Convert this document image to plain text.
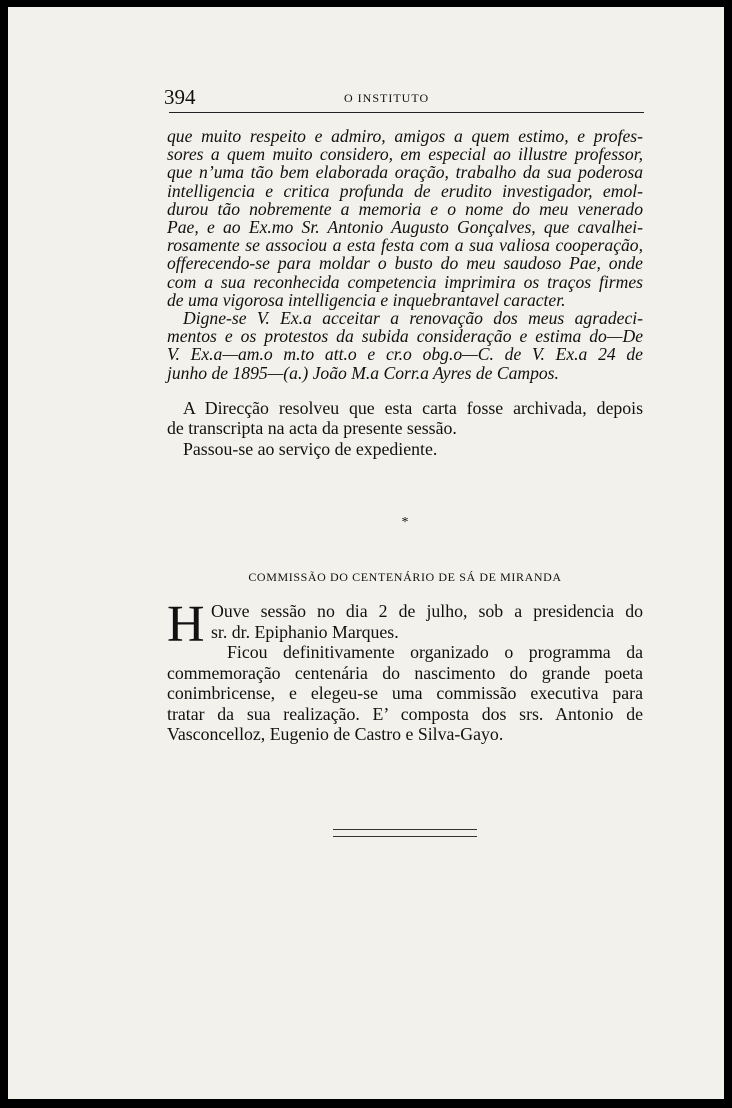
394	O INSTITUTO
que muito respeito e admiro, amigos a quem estimo, e profes-
sores a quem muito considero, em especial ao illustre professor,
que n’uma tão bem elaborada oração, trabalho da sua poderosa
intelligencia e critica profunda de erudito investigador, emol-
durou tão nobremente a memoria e o nome do meu venerado
Pae, e ao Ex.mo Sr. Antonio Augusto Gonçalves, que cavalhei-
rosamente se associou a esta festa com a sua valiosa cooperação,
offerecendo-se para moldar o busto do meu saudoso Pae, onde
com a sua reconhecida competencia imprimira os traços firmes
de uma vigorosa intelligencia e inquebrantavel caracter.
Digne-se V. Ex.a acceitar a renovação dos meus agradeci-
mentos e os protestos da subida consideração e estima do—De
V. Ex.a—am.o m.to att.o e cr.o obg.o—C. de V. Ex.a 24 de
junho de 1895—(a.) João M.a Corr.a Ayres de Campos.
A Direcção resolveu que esta carta fosse archivada, depois
de transcripta na acta da presente sessão.
Passou-se ao serviço de expediente.
*
COMMISSÃO DO CENTENÁRIO DE SÁ DE MIRANDA
H Ouve sessão no dia 2 de julho, sob a presidencia do
sr. dr. Epiphanio Marques.
Ficou definitivamente organizado o programma da
commemoração centenária do nascimento do grande poeta
conimbricense, e elegeu-se uma commissão executiva para
tratar da sua realização. E’ composta dos srs. Antonio de
Vasconcelloz, Eugenio de Castro e Silva-Gayo.
